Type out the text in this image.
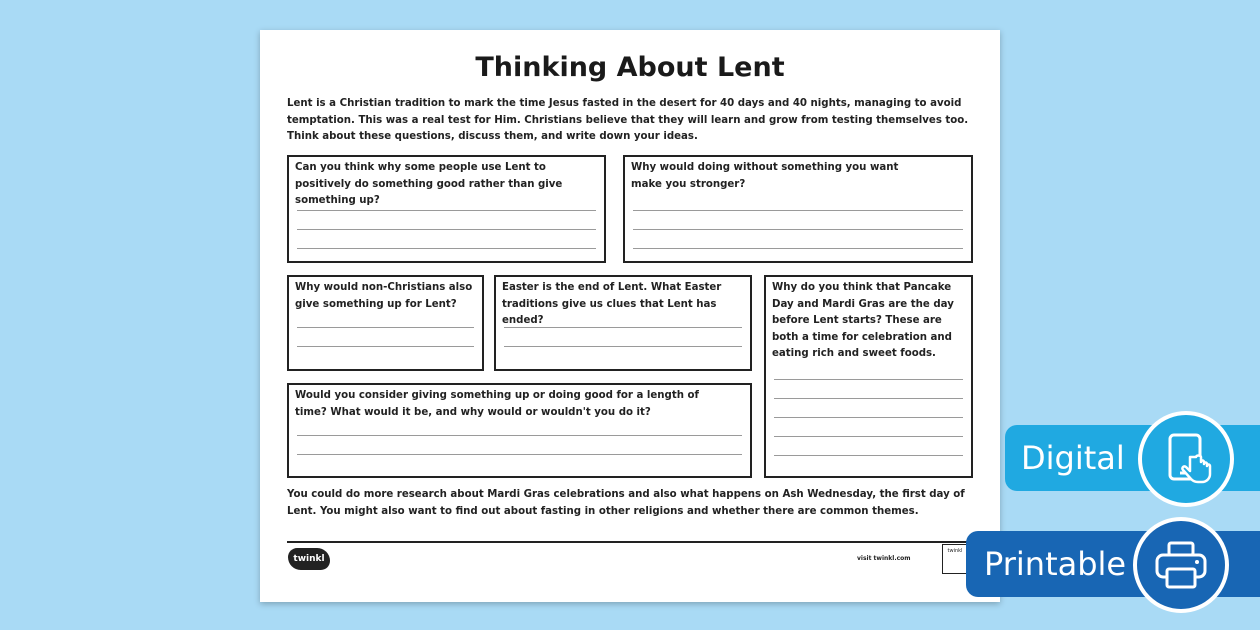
Thinking About Lent
Lent is a Christian tradition to mark the time Jesus fasted in the desert for 40 days and 40 nights, managing to avoid temptation. This was a real test for Him. Christians believe that they will learn and grow from testing themselves too. Think about these questions, discuss them, and write down your ideas.
Can you think why some people use Lent to positively do something good rather than give something up?
Why would doing without something you want make you stronger?
Why would non-Christians also give something up for Lent?
Easter is the end of Lent. What Easter traditions give us clues that Lent has ended?
Why do you think that Pancake Day and Mardi Gras are the day before Lent starts? These are both a time for celebration and eating rich and sweet foods.
Would you consider giving something up or doing good for a length of time? What would it be, and why would or wouldn't you do it?
You could do more research about Mardi Gras celebrations and also what happens on Ash Wednesday, the first day of Lent. You might also want to find out about fasting in other religions and whether there are common themes.
twinkl	visit twinkl.com
twinkl
Digital
Printable
